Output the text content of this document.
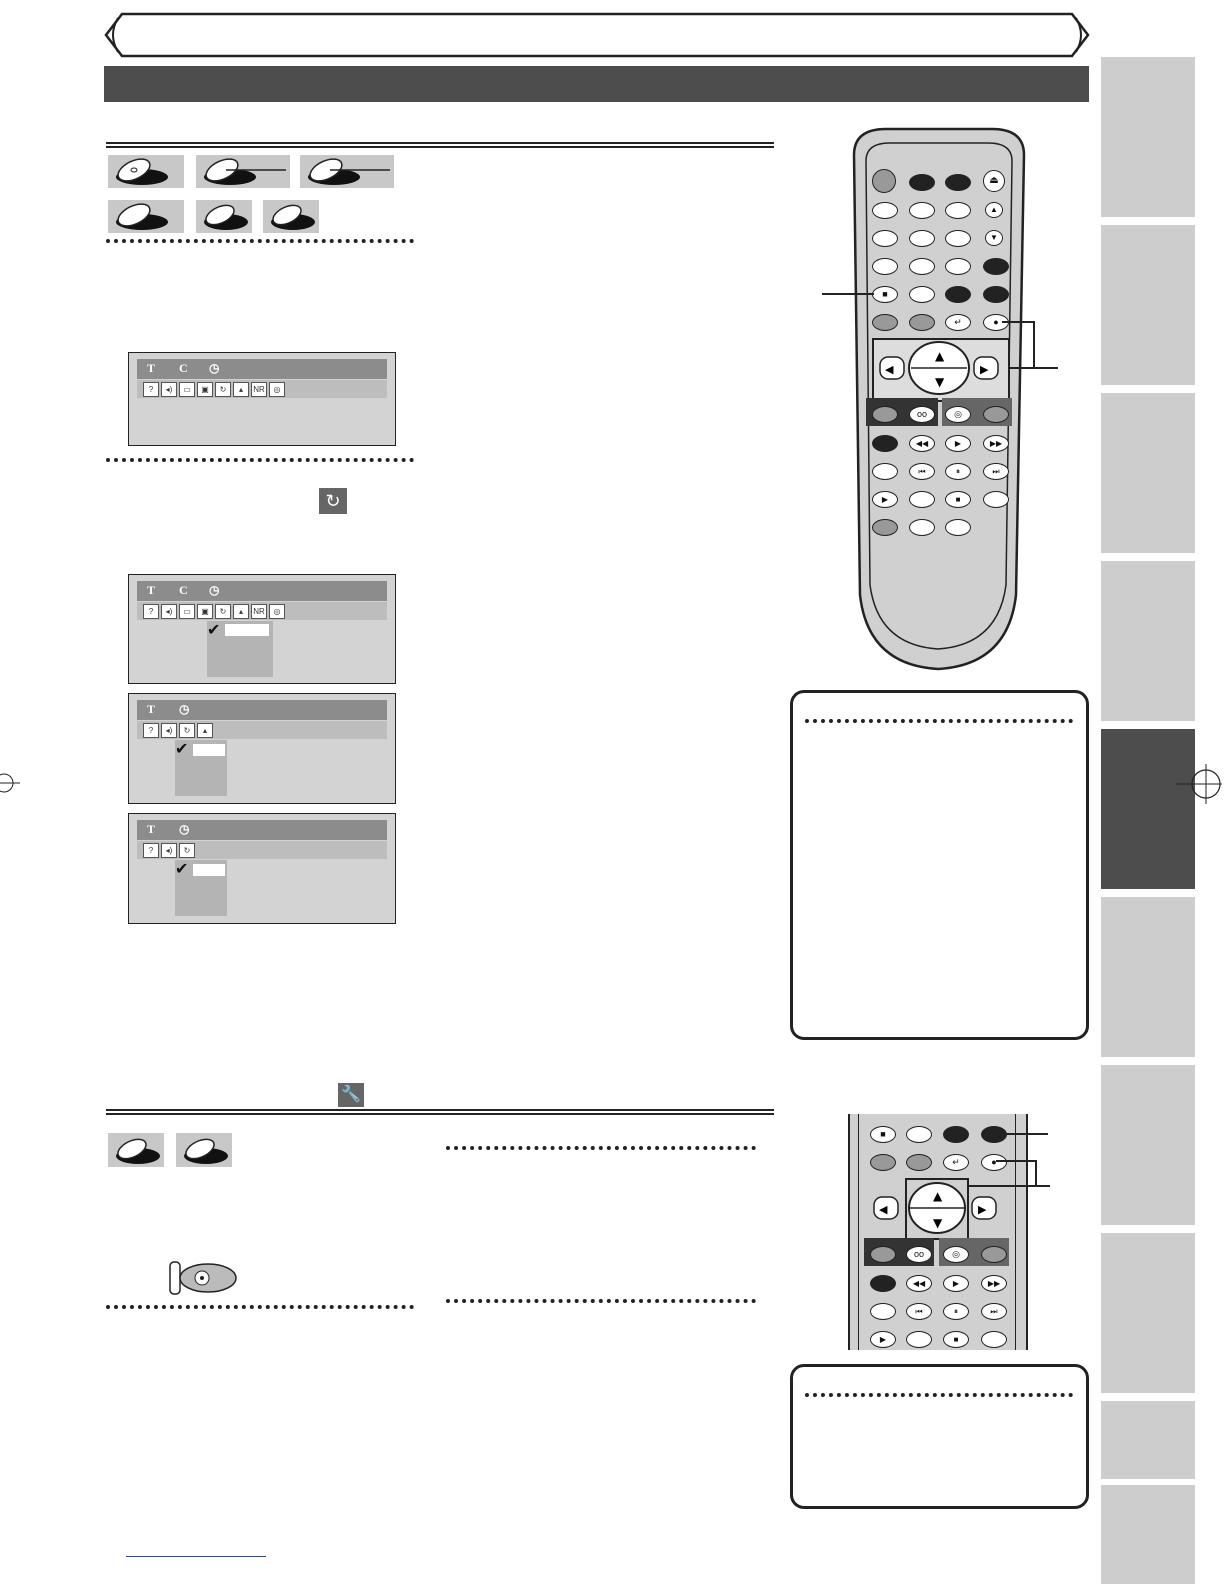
T C ◷
?	◂)	▭	▣	↻	▴	NR	◎
↻
T C ◷
?	◂)	▭	▣	↻	▴	NR	◎
✔
T ◷
?	◂)	↻	▴
✔
T ◷
?	◂)	↻
✔
🔧
⏏
▲
▼
■
↵	●
▲
▼
◀	▶
oo	◎
◀◀	▶	▶▶
⏮	⏸	⏭
▶	■
■
↵	●
▲
▼
◀	▶
oo	◎
◀◀	▶	▶▶
⏮	⏸	⏭
▶	■
